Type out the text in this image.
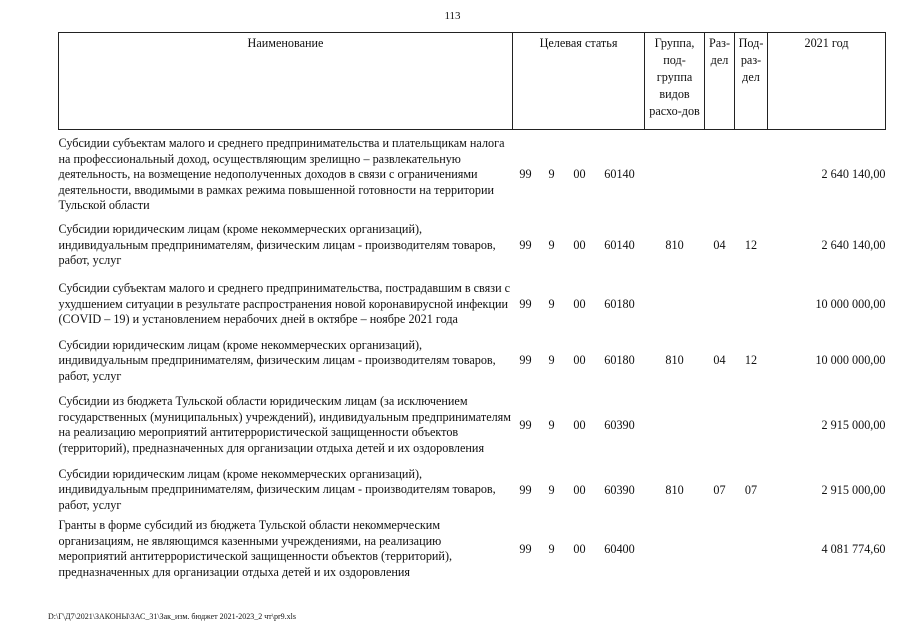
113
Наименование	Целевая статья				Группа, под-группа видов расхо-дов	Раз-дел	Под-раз-дел	2021 год
Субсидии субъектам малого и среднего предпринимательства и плательщикам налога на профессиональный доход, осуществляющим зрелищно – развлекательную деятельность, на возмещение недополученных доходов в связи с ограничениями деятельности, вводимыми в рамках режима повышенной готовности на территории Тульской области	99	9	00	60140				2 640 140,00
Субсидии юридическим лицам (кроме некоммерческих организаций), индивидуальным предпринимателям, физическим лицам - производителям товаров, работ, услуг	99	9	00	60140	810	04	12	2 640 140,00
Субсидии субъектам малого и среднего предпринимательства, пострадавшим в связи с ухудшением ситуации в результате распространения новой коронавирусной инфекции (COVID – 19) и установлением нерабочих дней в октябре – ноябре 2021 года	99	9	00	60180				10 000 000,00
Субсидии юридическим лицам (кроме некоммерческих организаций), индивидуальным предпринимателям, физическим лицам - производителям товаров, работ, услуг	99	9	00	60180	810	04	12	10 000 000,00
Субсидии из бюджета Тульской области юридическим лицам (за исключением государственных (муниципальных) учреждений), индивидуальным предпринимателям на реализацию мероприятий антитеррористической защищенности объектов (территорий), предназначенных для организации отдыха детей и их оздоровления	99	9	00	60390				2 915 000,00
Субсидии юридическим лицам (кроме некоммерческих организаций), индивидуальным предпринимателям, физическим лицам - производителям товаров, работ, услуг	99	9	00	60390	810	07	07	2 915 000,00
Гранты в форме субсидий из бюджета Тульской области некоммерческим организациям, не являющимся казенными учреждениями, на реализацию мероприятий антитеррористической защищенности объектов (территорий), предназначенных для организации отдыха детей и их оздоровления	99	9	00	60400				4 081 774,60
D:\Г\Д7\2021\ЗАКОНЫ\ЗАС_31\Зак_изм. бюджет 2021-2023_2 чт\pr9.xls
